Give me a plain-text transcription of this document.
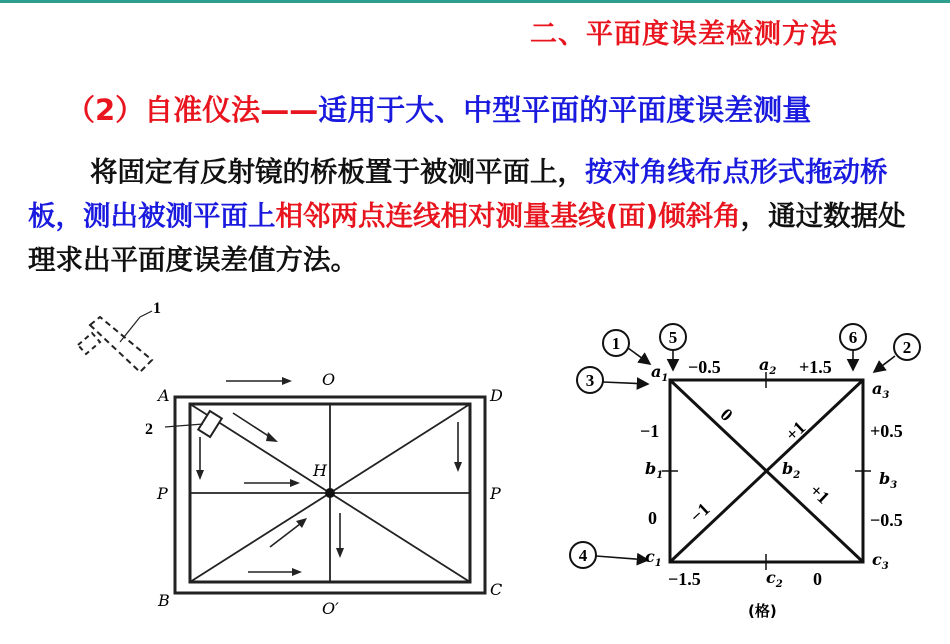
二、平面度误差检测方法
（2）自准仪法——适用于大、中型平面的平面度误差测量
将固定有反射镜的桥板置于被测平面上，按对角线布点形式拖动桥板，测出被测平面上相邻两点连线相对测量基线(面)倾斜角，通过数据处理求出平面度误差值方法。
1
2
A	D
B
C
O
O′
P	P
H
1	5	6
2
3
4
$a_1$
$a_2$
$a_3$
$b_1$	$b_2$	$b_3$
$c_1$
$c_2$
$c_3$
−0.5	+1.5
−1
0
+0.5
−0.5
−1.5	0
0
+1
−1
+1
(格)
